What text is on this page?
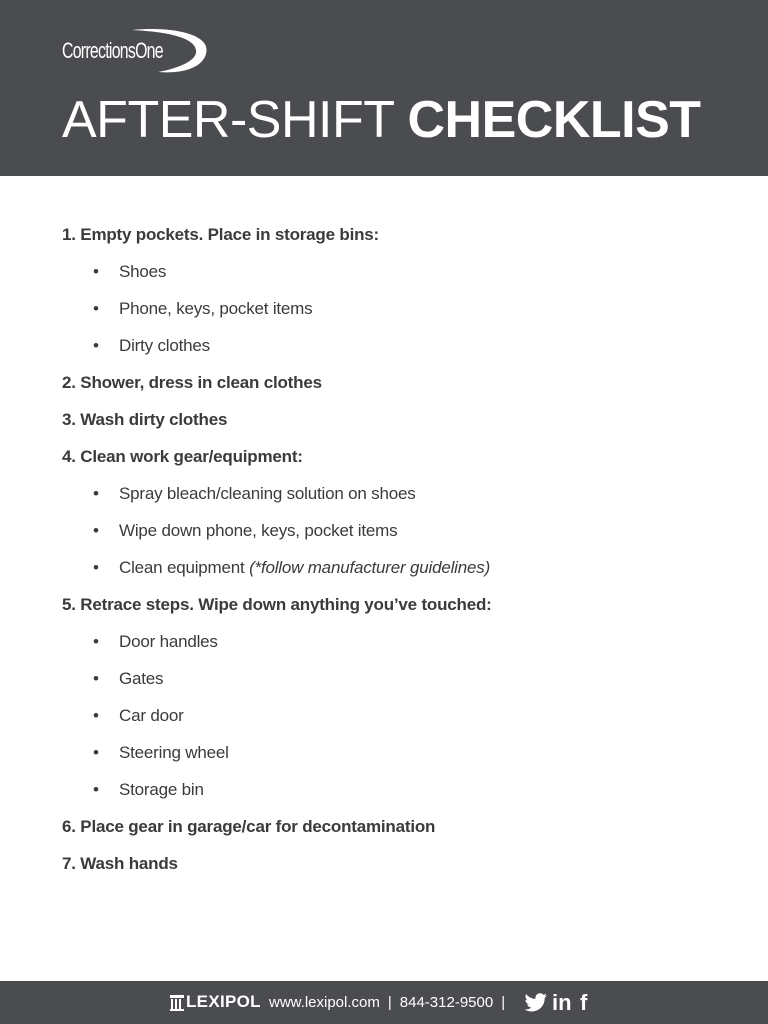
CorrectionsOne
AFTER-SHIFT CHECKLIST
1. Empty pockets. Place in storage bins:
• Shoes
• Phone, keys, pocket items
• Dirty clothes
2. Shower, dress in clean clothes
3. Wash dirty clothes
4. Clean work gear/equipment:
• Spray bleach/cleaning solution on shoes
• Wipe down phone, keys, pocket items
• Clean equipment (*follow manufacturer guidelines)
5. Retrace steps. Wipe down anything you’ve touched:
• Door handles
• Gates
• Car door
• Steering wheel
• Storage bin
6. Place gear in garage/car for decontamination
7. Wash hands
LEXIPOL www.lexipol.com | 844-312-9500 |	in f
